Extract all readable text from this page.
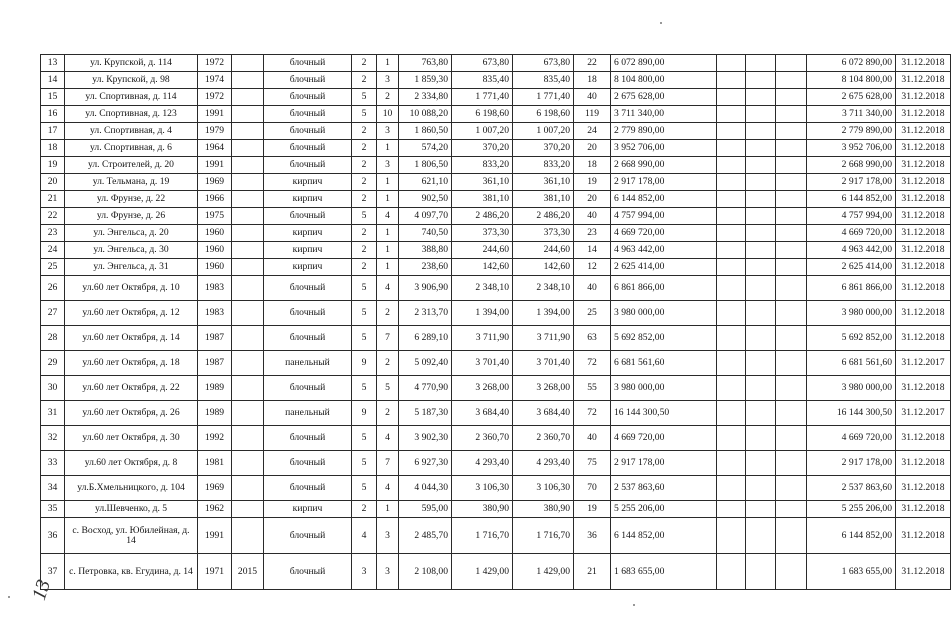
13	ул. Крупской, д. 114	1972		блочный	2	1	763,80	673,80	673,80	22	6 072 890,00				6 072 890,00	31.12.2018
14	ул. Крупской, д. 98	1974		блочный	2	3	1 859,30	835,40	835,40	18	8 104 800,00				8 104 800,00	31.12.2018
15	ул. Спортивная, д. 114	1972		блочный	5	2	2 334,80	1 771,40	1 771,40	40	2 675 628,00				2 675 628,00	31.12.2018
16	ул. Спортивная, д. 123	1991		блочный	5	10	10 088,20	6 198,60	6 198,60	119	3 711 340,00				3 711 340,00	31.12.2018
17	ул. Спортивная, д. 4	1979		блочный	2	3	1 860,50	1 007,20	1 007,20	24	2 779 890,00				2 779 890,00	31.12.2018
18	ул. Спортивная, д. 6	1964		блочный	2	1	574,20	370,20	370,20	20	3 952 706,00				3 952 706,00	31.12.2018
19	ул. Строителей, д. 20	1991		блочный	2	3	1 806,50	833,20	833,20	18	2 668 990,00				2 668 990,00	31.12.2018
20	ул. Тельмана, д. 19	1969		кирпич	2	1	621,10	361,10	361,10	19	2 917 178,00				2 917 178,00	31.12.2018
21	ул. Фрунзе, д. 22	1966		кирпич	2	1	902,50	381,10	381,10	20	6 144 852,00				6 144 852,00	31.12.2018
22	ул. Фрунзе, д. 26	1975		блочный	5	4	4 097,70	2 486,20	2 486,20	40	4 757 994,00				4 757 994,00	31.12.2018
23	ул. Энгельса, д. 20	1960		кирпич	2	1	740,50	373,30	373,30	23	4 669 720,00				4 669 720,00	31.12.2018
24	ул. Энгельса, д. 30	1960		кирпич	2	1	388,80	244,60	244,60	14	4 963 442,00				4 963 442,00	31.12.2018
25	ул. Энгельса, д. 31	1960		кирпич	2	1	238,60	142,60	142,60	12	2 625 414,00				2 625 414,00	31.12.2018
26	ул.60 лет Октября, д. 10	1983		блочный	5	4	3 906,90	2 348,10	2 348,10	40	6 861 866,00				6 861 866,00	31.12.2018
27	ул.60 лет Октября, д. 12	1983		блочный	5	2	2 313,70	1 394,00	1 394,00	25	3 980 000,00				3 980 000,00	31.12.2018
28	ул.60 лет Октября, д. 14	1987		блочный	5	7	6 289,10	3 711,90	3 711,90	63	5 692 852,00				5 692 852,00	31.12.2018
29	ул.60 лет Октября, д. 18	1987		панельный	9	2	5 092,40	3 701,40	3 701,40	72	6 681 561,60				6 681 561,60	31.12.2017
30	ул.60 лет Октября, д. 22	1989		блочный	5	5	4 770,90	3 268,00	3 268,00	55	3 980 000,00				3 980 000,00	31.12.2018
31	ул.60 лет Октября, д. 26	1989		панельный	9	2	5 187,30	3 684,40	3 684,40	72	16 144 300,50				16 144 300,50	31.12.2017
32	ул.60 лет Октября, д. 30	1992		блочный	5	4	3 902,30	2 360,70	2 360,70	40	4 669 720,00				4 669 720,00	31.12.2018
33	ул.60 лет Октября, д. 8	1981		блочный	5	7	6 927,30	4 293,40	4 293,40	75	2 917 178,00				2 917 178,00	31.12.2018
34	ул.Б.Хмельницкого, д. 104	1969		блочный	5	4	4 044,30	3 106,30	3 106,30	70	2 537 863,60				2 537 863,60	31.12.2018
35	ул.Шевченко, д. 5	1962		кирпич	2	1	595,00	380,90	380,90	19	5 255 206,00				5 255 206,00	31.12.2018
36	с. Восход, ул. Юбилейная, д. 14	1991		блочный	4	3	2 485,70	1 716,70	1 716,70	36	6 144 852,00				6 144 852,00	31.12.2018
37	с. Петровка, кв. Егудина, д. 14	1971	2015	блочный	3	3	2 108,00	1 429,00	1 429,00	21	1 683 655,00				1 683 655,00	31.12.2018
13
